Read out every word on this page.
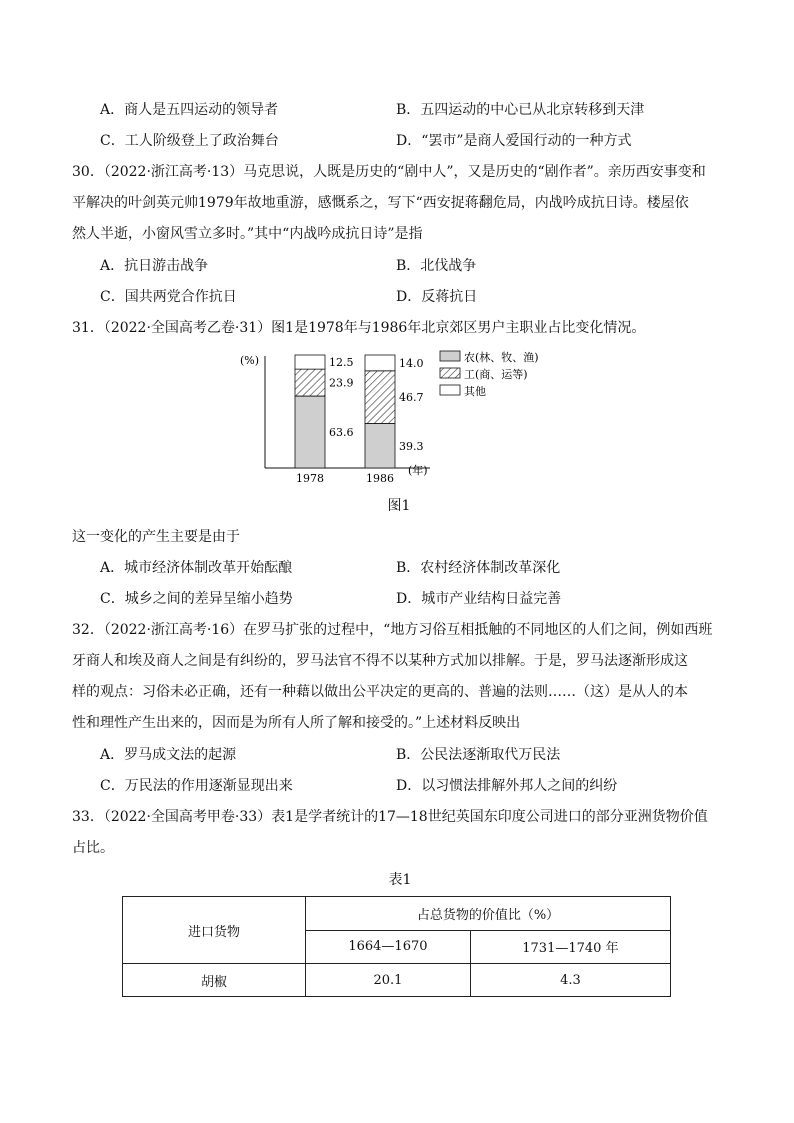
A．商人是五四运动的领导者	B．五四运动的中心已从北京转移到天津
C．工人阶级登上了政治舞台	D．“罢市”是商人爱国行动的一种方式
30．（2022·浙江高考·13）马克思说，人既是历史的“剧中人”，又是历史的“剧作者”。亲历西安事变和
平解决的叶剑英元帅1979年故地重游，感慨系之，写下“西安捉蒋翻危局，内战吟成抗日诗。楼屋依
然人半逝，小窗风雪立多时。”其中“内战吟成抗日诗”是指
A．抗日游击战争	B．北伐战争
C．国共两党合作抗日	D．反蒋抗日
31．（2022·全国高考乙卷·31）图1是1978年与1986年北京郊区男户主职业占比变化情况。
(%)
63.6
23.9
12.5
1978
39.3
46.7
14.0
1986
(年)
农(林、牧、渔)
工(商、运等)
其他
图1
这一变化的产生主要是由于
A．城市经济体制改革开始酝酿	B．农村经济体制改革深化
C．城乡之间的差异呈缩小趋势	D．城市产业结构日益完善
32．（2022·浙江高考·16）在罗马扩张的过程中，“地方习俗互相抵触的不同地区的人们之间，例如西班
牙商人和埃及商人之间是有纠纷的，罗马法官不得不以某种方式加以排解。于是，罗马法逐渐形成这
样的观点：习俗未必正确，还有一种藉以做出公平决定的更高的、普遍的法则……（这）是从人的本
性和理性产生出来的，因而是为所有人所了解和接受的。”上述材料反映出
A．罗马成文法的起源	B．公民法逐渐取代万民法
C．万民法的作用逐渐显现出来	D．以习惯法排解外邦人之间的纠纷
33．（2022·全国高考甲卷·33）表1是学者统计的17—18世纪英国东印度公司进口的部分亚洲货物价值
占比。
表1
进口货物	占总货物的价值比（%）	
	1664—1670	1731—1740 年
胡椒	20.1	4.3
